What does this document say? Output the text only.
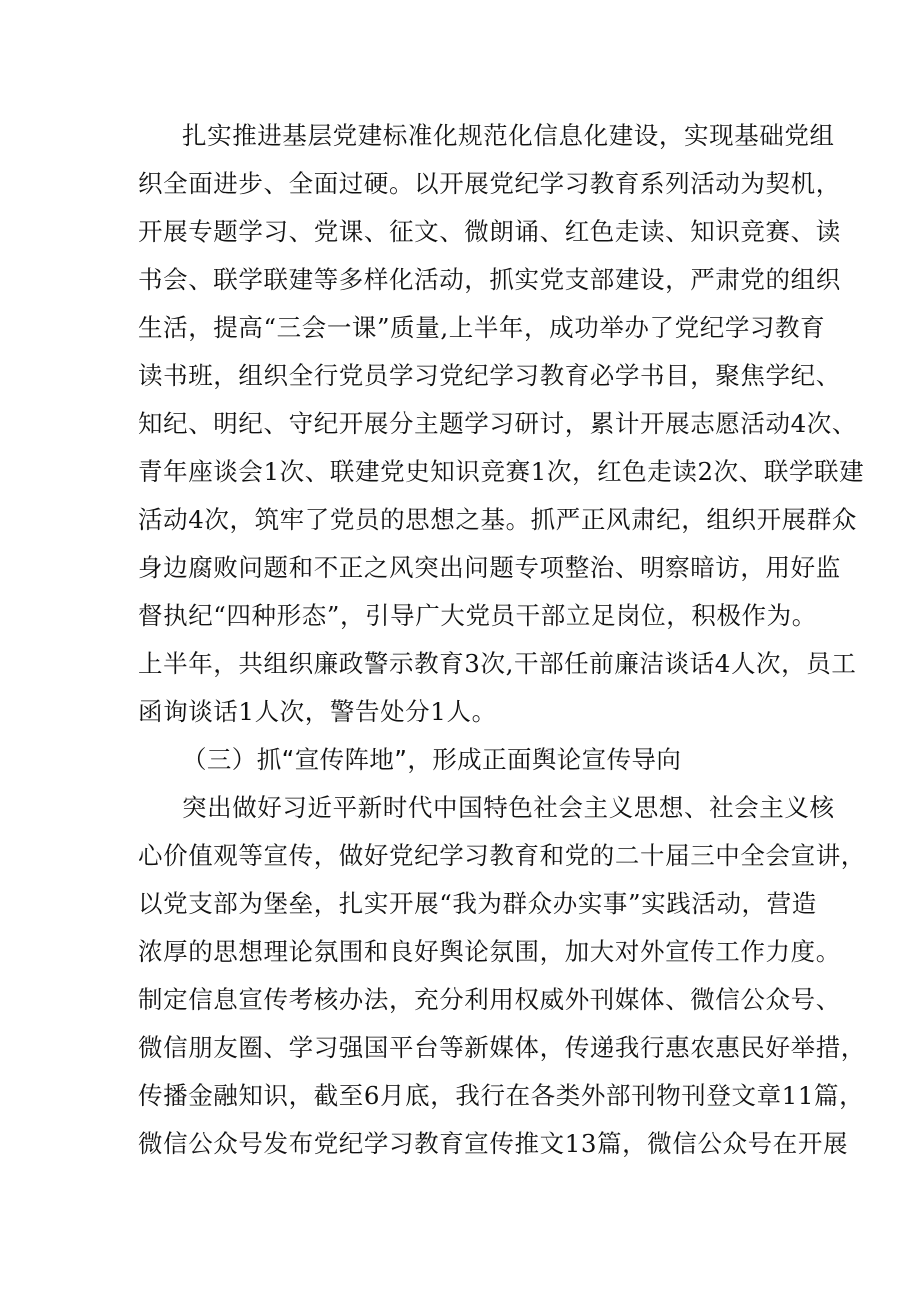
扎实推进基层党建标准化规范化信息化建设，实现基础党组
织全面进步、全面过硬。以开展党纪学习教育系列活动为契机，
开展专题学习、党课、征文、微朗诵、红色走读、知识竞赛、读
书会、联学联建等多样化活动，抓实党支部建设，严肃党的组织
生活，提高“三会一课”质量,上半年，成功举办了党纪学习教育
读书班，组织全行党员学习党纪学习教育必学书目，聚焦学纪、
知纪、明纪、守纪开展分主题学习研讨，累计开展志愿活动4次、
青年座谈会1次、联建党史知识竞赛1次，红色走读2次、联学联建
活动4次，筑牢了党员的思想之基。抓严正风肃纪，组织开展群众
身边腐败问题和不正之风突出问题专项整治、明察暗访，用好监
督执纪“四种形态”，引导广大党员干部立足岗位，积极作为。
上半年，共组织廉政警示教育3次,干部任前廉洁谈话4人次，员工
函询谈话1人次，警告处分1人。
（三）抓“宣传阵地”，形成正面舆论宣传导向
突出做好习近平新时代中国特色社会主义思想、社会主义核
心价值观等宣传，做好党纪学习教育和党的二十届三中全会宣讲，
以党支部为堡垒，扎实开展“我为群众办实事”实践活动，营造
浓厚的思想理论氛围和良好舆论氛围，加大对外宣传工作力度。
制定信息宣传考核办法，充分利用权威外刊媒体、微信公众号、
微信朋友圈、学习强国平台等新媒体，传递我行惠农惠民好举措，
传播金融知识，截至6月底，我行在各类外部刊物刊登文章11篇，
微信公众号发布党纪学习教育宣传推文13篇，微信公众号在开展
